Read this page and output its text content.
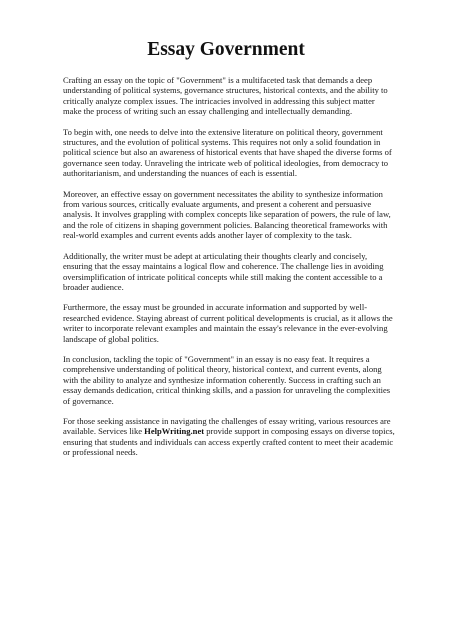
Essay Government

Crafting an essay on the topic of "Government" is a multifaceted task that demands a deep understanding of political systems, governance structures, historical contexts, and the ability to critically analyze complex issues. The intricacies involved in addressing this subject matter make the process of writing such an essay challenging and intellectually demanding.

To begin with, one needs to delve into the extensive literature on political theory, government structures, and the evolution of political systems. This requires not only a solid foundation in political science but also an awareness of historical events that have shaped the diverse forms of governance seen today. Unraveling the intricate web of political ideologies, from democracy to authoritarianism, and understanding the nuances of each is essential.

Moreover, an effective essay on government necessitates the ability to synthesize information from various sources, critically evaluate arguments, and present a coherent and persuasive analysis. It involves grappling with complex concepts like separation of powers, the rule of law, and the role of citizens in shaping government policies. Balancing theoretical frameworks with real-world examples and current events adds another layer of complexity to the task.

Additionally, the writer must be adept at articulating their thoughts clearly and concisely, ensuring that the essay maintains a logical flow and coherence. The challenge lies in avoiding oversimplification of intricate political concepts while still making the content accessible to a broader audience.

Furthermore, the essay must be grounded in accurate information and supported by well-researched evidence. Staying abreast of current political developments is crucial, as it allows the writer to incorporate relevant examples and maintain the essay's relevance in the ever-evolving landscape of global politics.

In conclusion, tackling the topic of "Government" in an essay is no easy feat. It requires a comprehensive understanding of political theory, historical context, and current events, along with the ability to analyze and synthesize information coherently. Success in crafting such an essay demands dedication, critical thinking skills, and a passion for unraveling the complexities of governance.

For those seeking assistance in navigating the challenges of essay writing, various resources are available. Services like HelpWriting.net provide support in composing essays on diverse topics, ensuring that students and individuals can access expertly crafted content to meet their academic or professional needs.
